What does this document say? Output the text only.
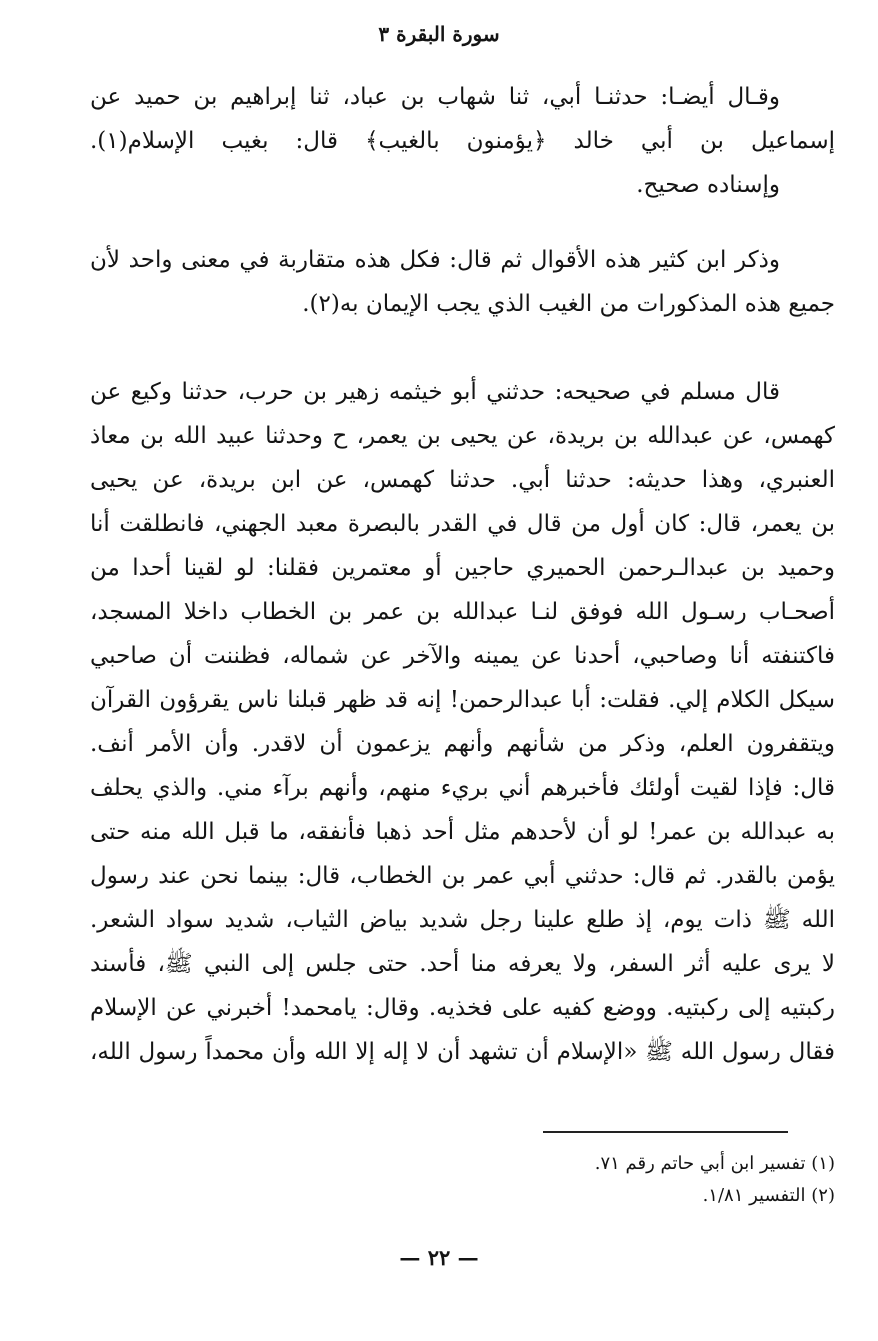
سورة البقرة ٣
وقـال أيضـا: حدثنـا أبي، ثنا شهاب بن عباد، ثنا إبراهيم بن حميد عن
إسماعيل بن أبي خالد ﴿يؤمنون بالغيب﴾ قال: بغيب الإسلام(١).
وإسناده صحيح.
وذكر ابن كثير هذه الأقوال ثم قال: فكل هذه متقاربة في معنى واحد لأن
جميع هذه المذكورات من الغيب الذي يجب الإيمان به(٢).
قال مسلم في صحيحه: حدثني أبو خيثمه زهير بن حرب، حدثنا وكيع عن
كهمس، عن عبدالله بن بريدة، عن يحيى بن يعمر، ح وحدثنا عبيد الله بن معاذ
العنبري، وهذا حديثه: حدثنا أبي. حدثنا كهمس، عن ابن بريدة، عن يحيى
بن يعمر، قال: كان أول من قال في القدر بالبصرة معبد الجهني، فانطلقت أنا
وحميد بن عبدالـرحمن الحميري حاجين أو معتمرين فقلنا: لو لقينا أحدا من
أصحـاب رسـول الله فوفق لنـا عبدالله بن عمر بن الخطاب داخلا المسجد،
فاكتنفته أنا وصاحبي، أحدنا عن يمينه والآخر عن شماله، فظننت أن صاحبي
سيكل الكلام إلي. فقلت: أبا عبدالرحمن! إنه قد ظهر قبلنا ناس يقرؤون القرآن
ويتقفرون العلم، وذكر من شأنهم وأنهم يزعمون أن لاقدر. وأن الأمر أنف.
قال: فإذا لقيت أولئك فأخبرهم أني بريء منهم، وأنهم برآء مني. والذي يحلف
به عبدالله بن عمر! لو أن لأحدهم مثل أحد ذهبا فأنفقه، ما قبل الله منه حتى
يؤمن بالقدر. ثم قال: حدثني أبي عمر بن الخطاب، قال: بينما نحن عند رسول
الله ﷺ ذات يوم، إذ طلع علينا رجل شديد بياض الثياب، شديد سواد الشعر.
لا يرى عليه أثر السفر، ولا يعرفه منا أحد. حتى جلس إلى النبي ﷺ، فأسند
ركبتيه إلى ركبتيه. ووضع كفيه على فخذيه. وقال: يامحمد! أخبرني عن الإسلام
فقال رسول الله ﷺ «الإسلام أن تشهد أن لا إله إلا الله وأن محمداً رسول الله،
(١) تفسير ابن أبي حاتم رقم ٧١.
(٢) التفسير ١/٨١.
— ٢٢ —
